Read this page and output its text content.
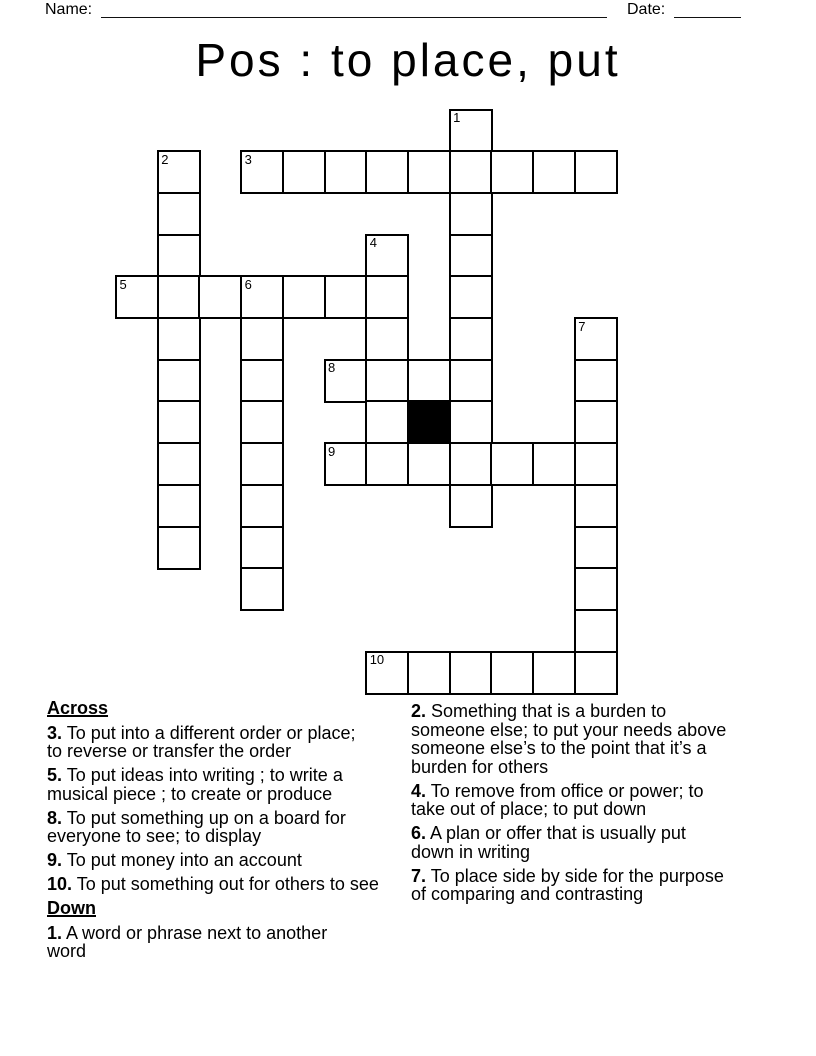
Name:	Date:
Pos : to place, put
1
2	3
4
5	6
7
8
9
10
Across
3. To put into a different order or place;
to reverse or transfer the order
5. To put ideas into writing ; to write a
musical piece ; to create or produce
8. To put something up on a board for
everyone to see; to display
9. To put money into an account
10. To put something out for others to see
Down
1. A word or phrase next to another
word
2. Something that is a burden to
someone else; to put your needs above
someone else’s to the point that it’s a
burden for others
4. To remove from office or power; to
take out of place; to put down
6. A plan or offer that is usually put
down in writing
7. To place side by side for the purpose
of comparing and contrasting
